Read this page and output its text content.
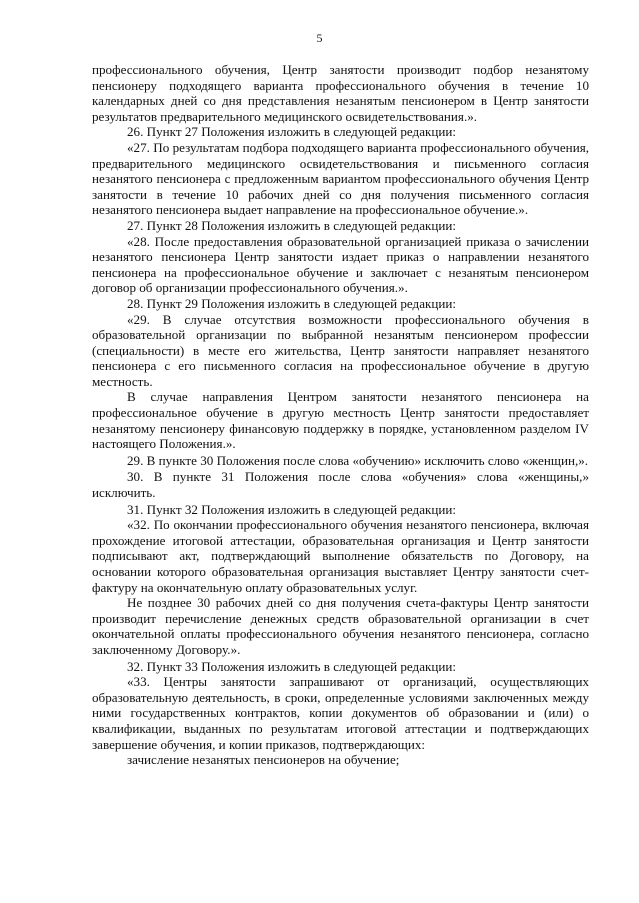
5

профессионального обучения, Центр занятости производит подбор незанятому пенсионеру подходящего варианта профессионального обучения в течение 10 календарных дней со дня представления незанятым пенсионером в Центр занятости результатов предварительного медицинского освидетельствования.».

26. Пункт 27 Положения изложить в следующей редакции:

«27. По результатам подбора подходящего варианта профессионального обучения, предварительного медицинского освидетельствования и письменного согласия незанятого пенсионера с предложенным вариантом профессионального обучения Центр занятости в течение 10 рабочих дней со дня получения письменного согласия незанятого пенсионера выдает направление на профессиональное обучение.».

27. Пункт 28 Положения изложить в следующей редакции:

«28. После предоставления образовательной организацией приказа о зачислении незанятого пенсионера Центр занятости издает приказ о направлении незанятого пенсионера на профессиональное обучение и заключает с незанятым пенсионером договор об организации профессионального обучения.».

28. Пункт 29 Положения изложить в следующей редакции:

«29. В случае отсутствия возможности профессионального обучения в образовательной организации по выбранной незанятым пенсионером профессии (специальности) в месте его жительства, Центр занятости направляет незанятого пенсионера с его письменного согласия на профессиональное обучение в другую местность.

В случае направления Центром занятости незанятого пенсионера на профессиональное обучение в другую местность Центр занятости предоставляет незанятому пенсионеру финансовую поддержку в порядке, установленном разделом IV настоящего Положения.».

29. В пункте 30 Положения после слова «обучению» исключить слово «женщин,».

30. В пункте 31 Положения после слова «обучения» слова «женщины,» исключить.

31. Пункт 32 Положения изложить в следующей редакции:

«32. По окончании профессионального обучения незанятого пенсионера, включая прохождение итоговой аттестации, образовательная организация и Центр занятости подписывают акт, подтверждающий выполнение обязательств по Договору, на основании которого образовательная организация выставляет Центру занятости счет-фактуру на окончательную оплату образовательных услуг.

Не позднее 30 рабочих дней со дня получения счета-фактуры Центр занятости производит перечисление денежных средств образовательной организации в счет окончательной оплаты профессионального обучения незанятого пенсионера, согласно заключенному Договору.».

32. Пункт 33 Положения изложить в следующей редакции:

«33. Центры занятости запрашивают от организаций, осуществляющих образовательную деятельность, в сроки, определенные условиями заключенных между ними государственных контрактов, копии документов об образовании и (или) о квалификации, выданных по результатам итоговой аттестации и подтверждающих завершение обучения, и копии приказов, подтверждающих:

зачисление незанятых пенсионеров на обучение;
